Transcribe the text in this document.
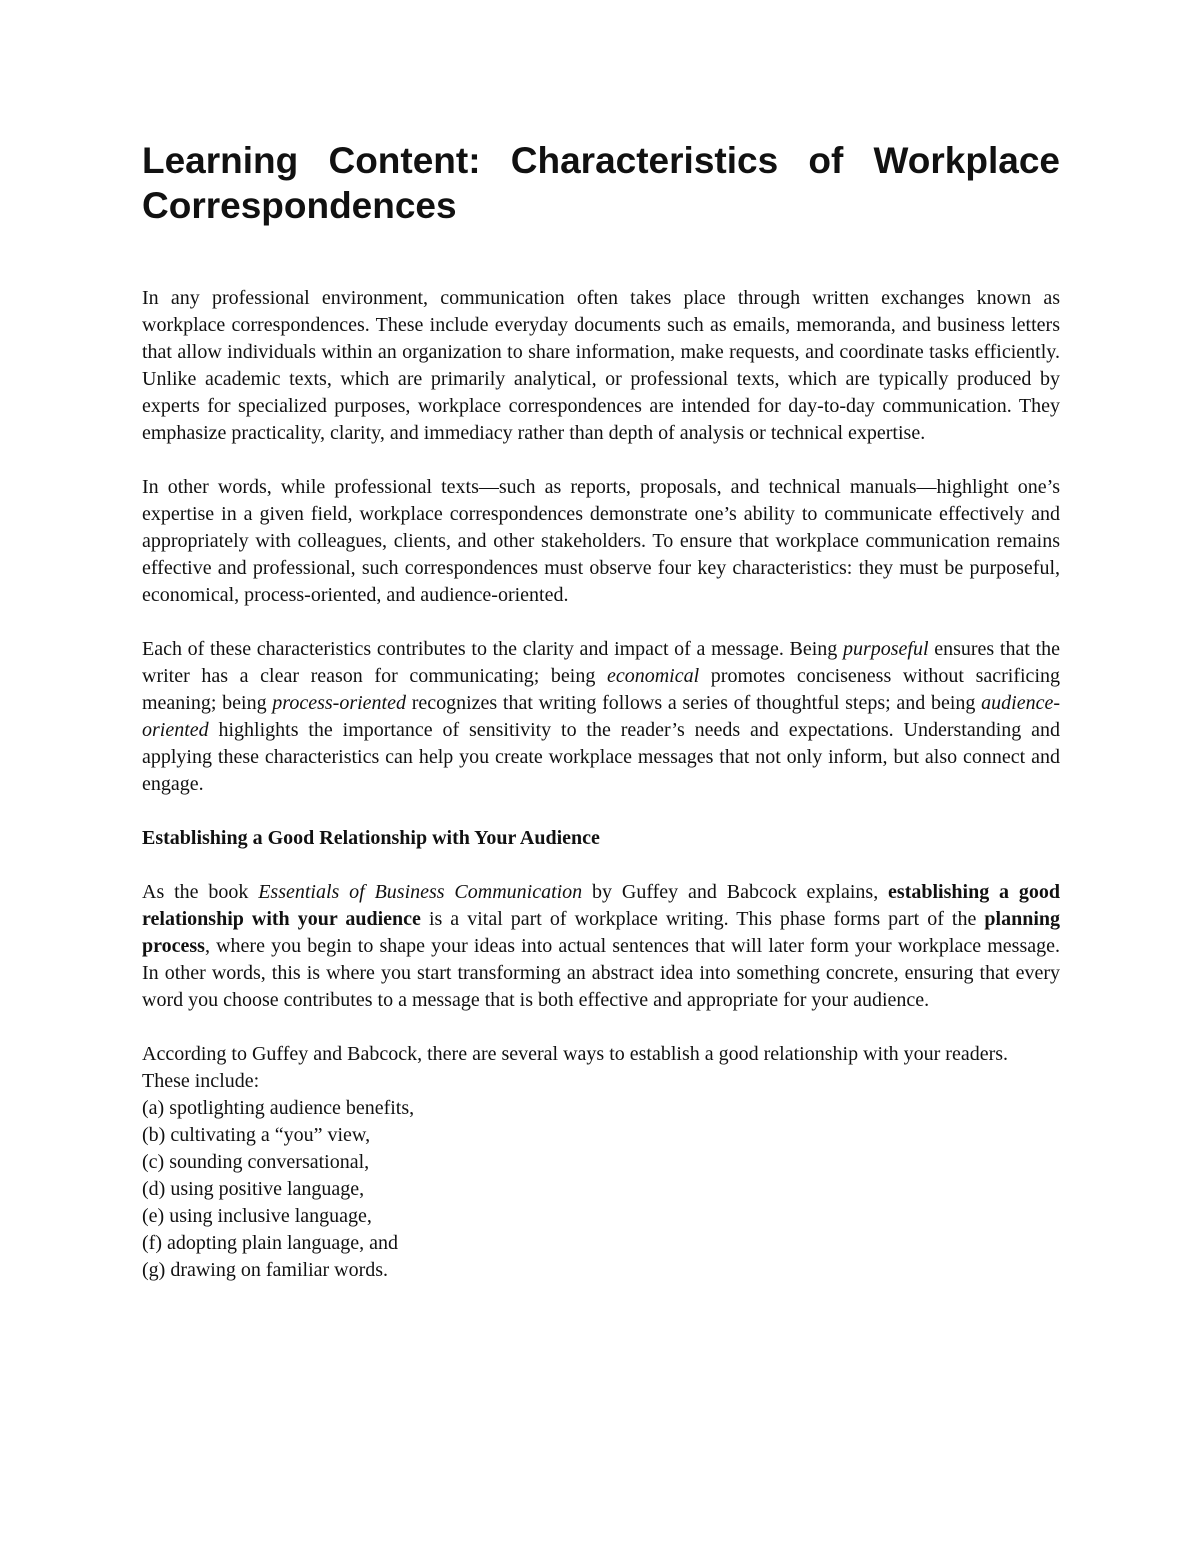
Learning Content: Characteristics of Workplace Correspondences

In any professional environment, communication often takes place through written exchanges known as workplace correspondences. These include everyday documents such as emails, memoranda, and business letters that allow individuals within an organization to share information, make requests, and coordinate tasks efficiently. Unlike academic texts, which are primarily analytical, or professional texts, which are typically produced by experts for specialized purposes, workplace correspondences are intended for day-to-day communication. They emphasize practicality, clarity, and immediacy rather than depth of analysis or technical expertise.

In other words, while professional texts—such as reports, proposals, and technical manuals—highlight one’s expertise in a given field, workplace correspondences demonstrate one’s ability to communicate effectively and appropriately with colleagues, clients, and other stakeholders. To ensure that workplace communication remains effective and professional, such correspondences must observe four key characteristics: they must be purposeful, economical, process-oriented, and audience-oriented.

Each of these characteristics contributes to the clarity and impact of a message. Being purposeful ensures that the writer has a clear reason for communicating; being economical promotes conciseness without sacrificing meaning; being process-oriented recognizes that writing follows a series of thoughtful steps; and being audience-oriented highlights the importance of sensitivity to the reader’s needs and expectations. Understanding and applying these characteristics can help you create workplace messages that not only inform, but also connect and engage.

Establishing a Good Relationship with Your Audience

As the book Essentials of Business Communication by Guffey and Babcock explains, establishing a good relationship with your audience is a vital part of workplace writing. This phase forms part of the planning process, where you begin to shape your ideas into actual sentences that will later form your workplace message. In other words, this is where you start transforming an abstract idea into something concrete, ensuring that every word you choose contributes to a message that is both effective and appropriate for your audience.

According to Guffey and Babcock, there are several ways to establish a good relationship with your readers. These include:

(a) spotlighting audience benefits,
(b) cultivating a “you” view,
(c) sounding conversational,
(d) using positive language,
(e) using inclusive language,
(f) adopting plain language, and
(g) drawing on familiar words.
